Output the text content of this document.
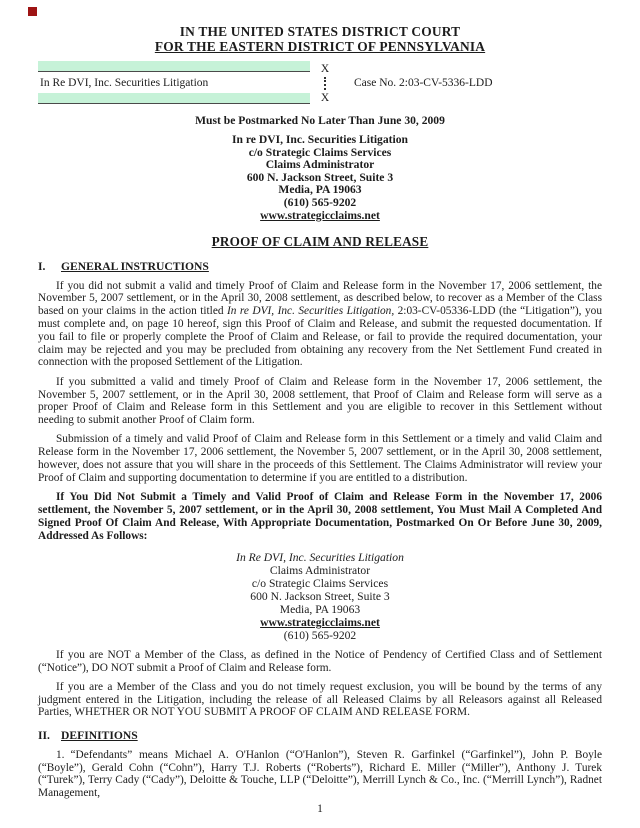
IN THE UNITED STATES DISTRICT COURT
FOR THE EASTERN DISTRICT OF PENNSYLVANIA
In Re DVI, Inc. Securities Litigation
X
X
Case No. 2:03-CV-5336-LDD

Must be Postmarked No Later Than June 30, 2009

In re DVI, Inc. Securities Litigation
c/o Strategic Claims Services
Claims Administrator
600 N. Jackson Street, Suite 3
Media, PA 19063
(610) 565-9202
www.strategicclaims.net
PROOF OF CLAIM AND RELEASE
I.	GENERAL INSTRUCTIONS

If you did not submit a valid and timely Proof of Claim and Release form in the November 17, 2006 settlement, the November 5, 2007 settlement, or in the April 30, 2008 settlement, as described below, to recover as a Member of the Class based on your claims in the action titled In re DVI, Inc. Securities Litigation, 2:03-CV-05336-LDD (the “Litigation”), you must complete and, on page 10 hereof, sign this Proof of Claim and Release, and submit the requested documentation. If you fail to file or properly complete the Proof of Claim and Release, or fail to provide the required documentation, your claim may be rejected and you may be precluded from obtaining any recovery from the Net Settlement Fund created in connection with the proposed Settlement of the Litigation.

If you submitted a valid and timely Proof of Claim and Release form in the November 17, 2006 settlement, the November 5, 2007 settlement, or in the April 30, 2008 settlement, that Proof of Claim and Release form will serve as a proper Proof of Claim and Release form in this Settlement and you are eligible to recover in this Settlement without needing to submit another Proof of Claim form.

Submission of a timely and valid Proof of Claim and Release form in this Settlement or a timely and valid Claim and Release form in the November 17, 2006 settlement, the November 5, 2007 settlement, or in the April 30, 2008 settlement, however, does not assure that you will share in the proceeds of this Settlement. The Claims Administrator will review your Proof of Claim and supporting documentation to determine if you are entitled to a distribution.

If You Did Not Submit a Timely and Valid Proof of Claim and Release Form in the November 17, 2006 settlement, the November 5, 2007 settlement, or in the April 30, 2008 settlement, You Must Mail A Completed And Signed Proof Of Claim And Release, With Appropriate Documentation, Postmarked On Or Before June 30, 2009, Addressed As Follows:

In Re DVI, Inc. Securities Litigation
Claims Administrator
c/o Strategic Claims Services
600 N. Jackson Street, Suite 3
Media, PA 19063
www.strategicclaims.net
(610) 565-9202

If you are NOT a Member of the Class, as defined in the Notice of Pendency of Certified Class and of Settlement (“Notice”), DO NOT submit a Proof of Claim and Release form.

If you are a Member of the Class and you do not timely request exclusion, you will be bound by the terms of any judgment entered in the Litigation, including the release of all Released Claims by all Releasors against all Released Parties, WHETHER OR NOT YOU SUBMIT A PROOF OF CLAIM AND RELEASE FORM.

II. DEFINITIONS

1. “Defendants” means Michael A. O'Hanlon (“O'Hanlon”), Steven R. Garfinkel (“Garfinkel”), John P. Boyle (“Boyle”), Gerald Cohn (“Cohn”), Harry T.J. Roberts (“Roberts”), Richard E. Miller (“Miller”), Anthony J. Turek (“Turek”), Terry Cady (“Cady”), Deloitte & Touche, LLP (“Deloitte”), Merrill Lynch & Co., Inc. (“Merrill Lynch”), Radnet Management,

1
